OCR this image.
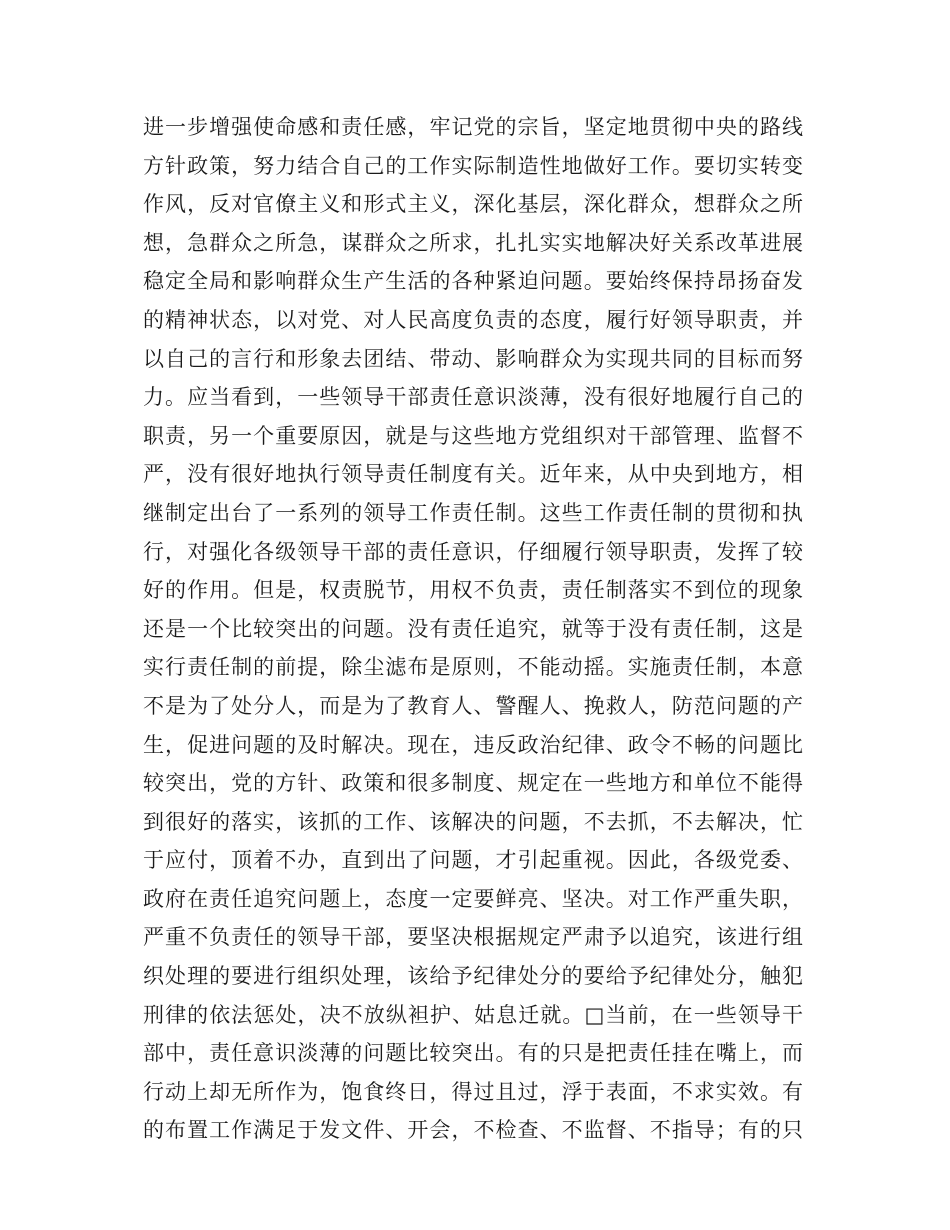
进一步增强使命感和责任感，牢记党的宗旨，坚定地贯彻中央的路线
方针政策，努力结合自己的工作实际制造性地做好工作。要切实转变
作风，反对官僚主义和形式主义，深化基层，深化群众，想群众之所
想，急群众之所急，谋群众之所求，扎扎实实地解决好关系改革进展
稳定全局和影响群众生产生活的各种紧迫问题。要始终保持昂扬奋发
的精神状态，以对党、对人民高度负责的态度，履行好领导职责，并
以自己的言行和形象去团结、带动、影响群众为实现共同的目标而努
力。应当看到，一些领导干部责任意识淡薄，没有很好地履行自己的
职责，另一个重要原因，就是与这些地方党组织对干部管理、监督不
严，没有很好地执行领导责任制度有关。近年来，从中央到地方，相
继制定出台了一系列的领导工作责任制。这些工作责任制的贯彻和执
行，对强化各级领导干部的责任意识，仔细履行领导职责，发挥了较
好的作用。但是，权责脱节，用权不负责，责任制落实不到位的现象
还是一个比较突出的问题。没有责任追究，就等于没有责任制，这是
实行责任制的前提，除尘滤布是原则，不能动摇。实施责任制，本意
不是为了处分人，而是为了教育人、警醒人、挽救人，防范问题的产
生，促进问题的及时解决。现在，违反政治纪律、政令不畅的问题比
较突出，党的方针、政策和很多制度、规定在一些地方和单位不能得
到很好的落实，该抓的工作、该解决的问题，不去抓，不去解决，忙
于应付，顶着不办，直到出了问题，才引起重视。因此，各级党委、
政府在责任追究问题上，态度一定要鲜亮、坚决。对工作严重失职，
严重不负责任的领导干部，要坚决根据规定严肃予以追究，该进行组
织处理的要进行组织处理，该给予纪律处分的要给予纪律处分，触犯
刑律的依法惩处，决不放纵袒护、姑息迁就。□当前，在一些领导干
部中，责任意识淡薄的问题比较突出。有的只是把责任挂在嘴上，而
行动上却无所作为，饱食终日，得过且过，浮于表面，不求实效。有
的布置工作满足于发文件、开会，不检查、不监督、不指导；有的只
